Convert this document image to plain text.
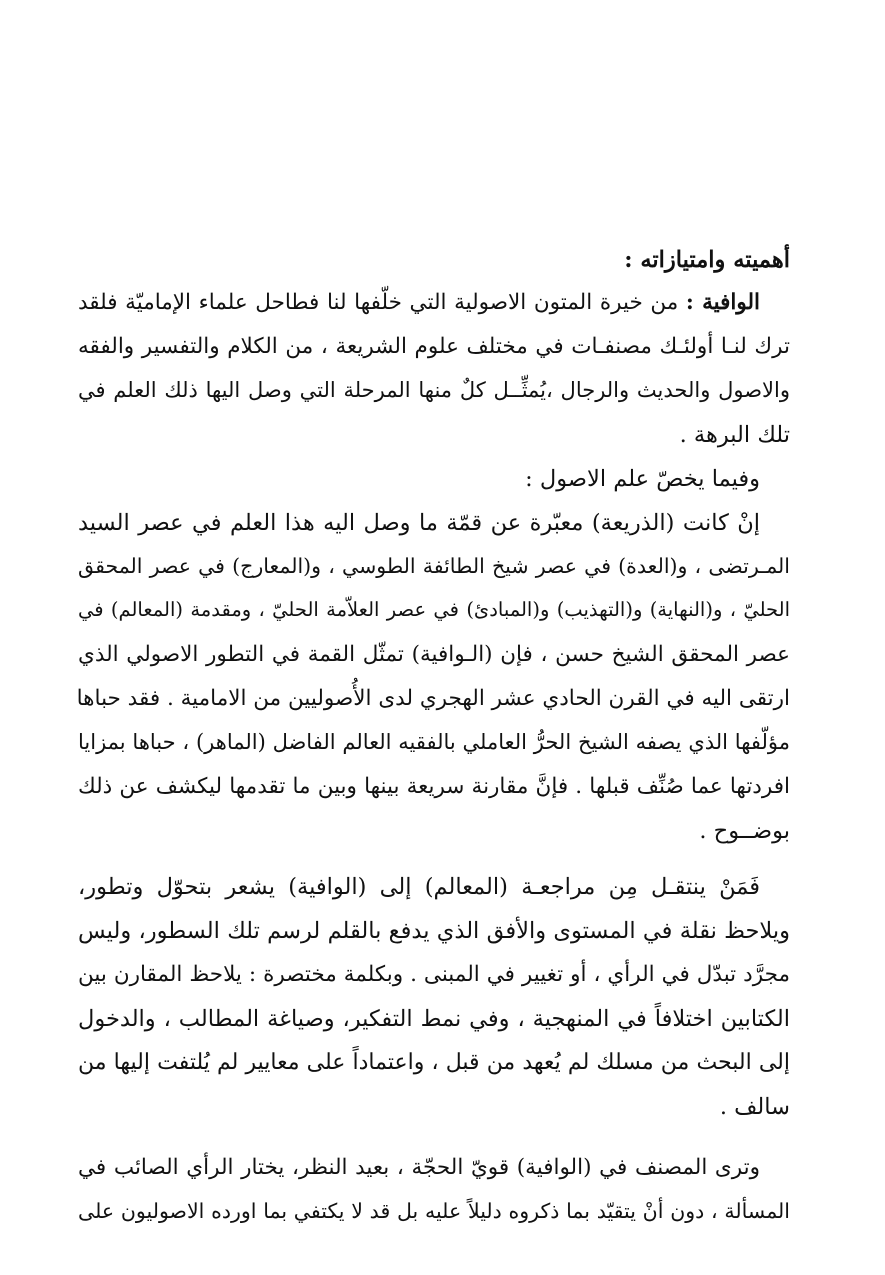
أهميته وامتيازاته :
الوافية : من خيرة المتون الاصولية التي خلّفها لنا فطاحل علماء الإماميّة فلقد
ترك لنـا أولئـك مصنفـات في مختلف علوم الشريعة ، من الكلام والتفسير والفقه
والاصول والحديث والرجال ،يُمثِّــل كلٌ منها المرحلة التي وصل اليها ذلك العلم في
تلك البرهة .
وفيما يخصّ علم الاصول :
إنْ كانت (الذريعة) معبّرة عن قمّة ما وصل اليه هذا العلم في عصر السيد
المـرتضى ، و(العدة) في عصر شيخ الطائفة الطوسي ، و(المعارج) في عصر المحقق
الحليّ ، و(النهاية) و(التهذيب) و(المبادئ) في عصر العلاّمة الحليّ ، ومقدمة (المعالم) في
عصر المحقق الشيخ حسن ، فإن (الـوافية) تمثّل القمة في التطور الاصولي الذي
ارتقى اليه في القرن الحادي عشر الهجري لدى الأُصوليين من الامامية . فقد حباها
مؤلّفها الذي يصفه الشيخ الحرُّ العاملي بالفقيه العالم الفاضل (الماهر) ، حباها بمزايا
افردتها عما صُنِّف قبلها . فإنَّ مقارنة سريعة بينها وبين ما تقدمها ليكشف عن ذلك
بوضــوح .
فَمَنْ ينتقـل مِن مراجعـة (المعالم) إلى (الوافية) يشعر بتحوّل وتطور،
ويلاحظ نقلة في المستوى والأفق الذي يدفع بالقلم لرسم تلك السطور، وليس
مجرَّد تبدّل في الرأي ، أو تغيير في المبنى . وبكلمة مختصرة : يلاحظ المقارن بين
الكتابين اختلافاً في المنهجية ، وفي نمط التفكير، وصياغة المطالب ، والدخول
إلى البحث من مسلك لم يُعهد من قبل ، واعتماداً على معايير لم يُلتفت إليها من
سالف .
وترى المصنف في (الوافية) قويّ الحجّة ، بعيد النظر، يختار الرأي الصائب في
المسألة ، دون أنْ يتقيّد بما ذكروه دليلاً عليه بل قد لا يكتفي بما اورده الاصوليون على
